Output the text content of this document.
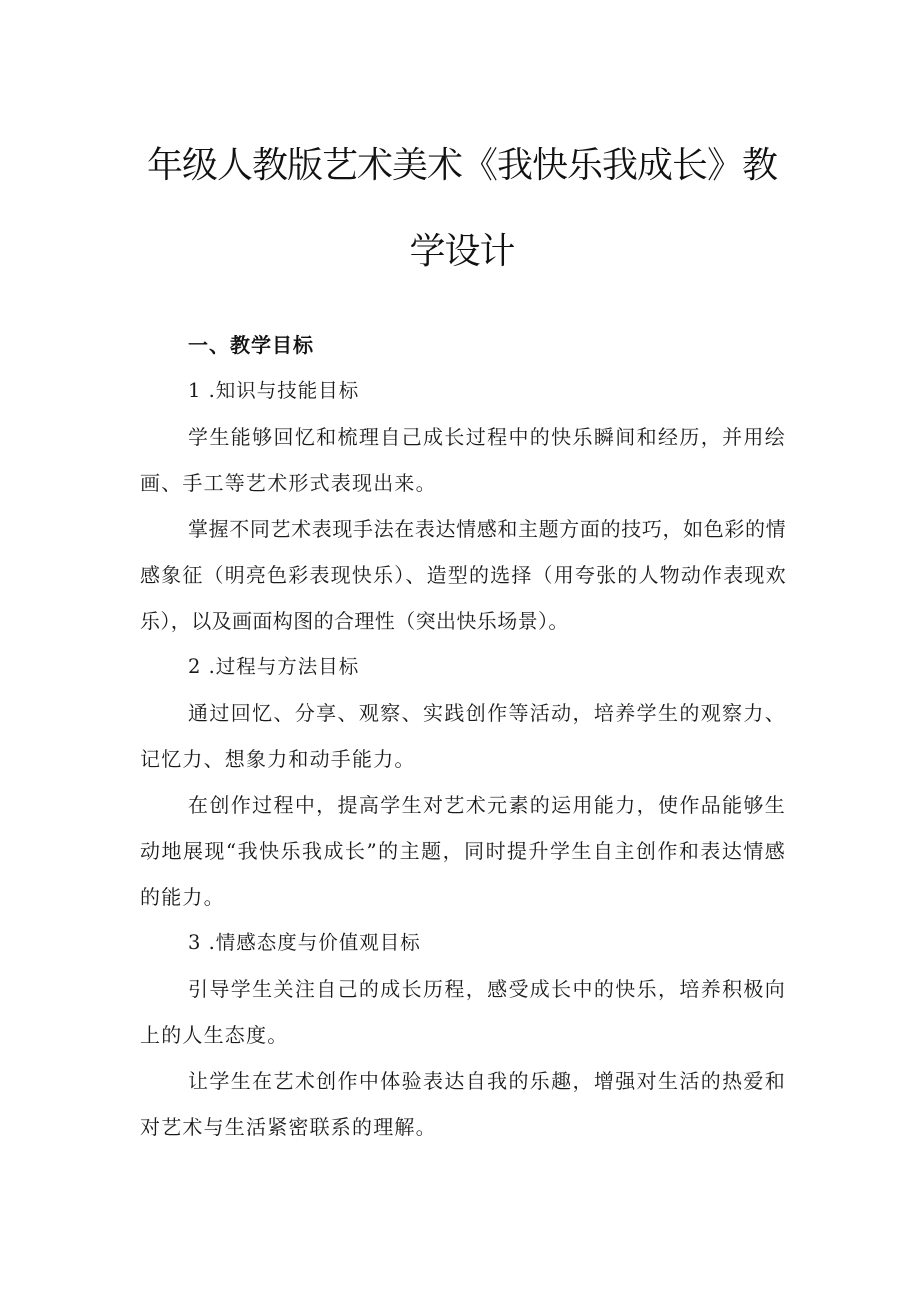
年级人教版艺术美术《我快乐我成长》教
学设计

一、教学目标

1 .知识与技能目标

学生能够回忆和梳理自己成长过程中的快乐瞬间和经历，并用绘画、手工等艺术形式表现出来。

掌握不同艺术表现手法在表达情感和主题方面的技巧，如色彩的情感象征（明亮色彩表现快乐）、造型的选择（用夸张的人物动作表现欢乐），以及画面构图的合理性（突出快乐场景）。

2 .过程与方法目标

通过回忆、分享、观察、实践创作等活动，培养学生的观察力、记忆力、想象力和动手能力。

在创作过程中，提高学生对艺术元素的运用能力，使作品能够生动地展现“我快乐我成长”的主题，同时提升学生自主创作和表达情感的能力。

3 .情感态度与价值观目标

引导学生关注自己的成长历程，感受成长中的快乐，培养积极向上的人生态度。

让学生在艺术创作中体验表达自我的乐趣，增强对生活的热爱和对艺术与生活紧密联系的理解。
